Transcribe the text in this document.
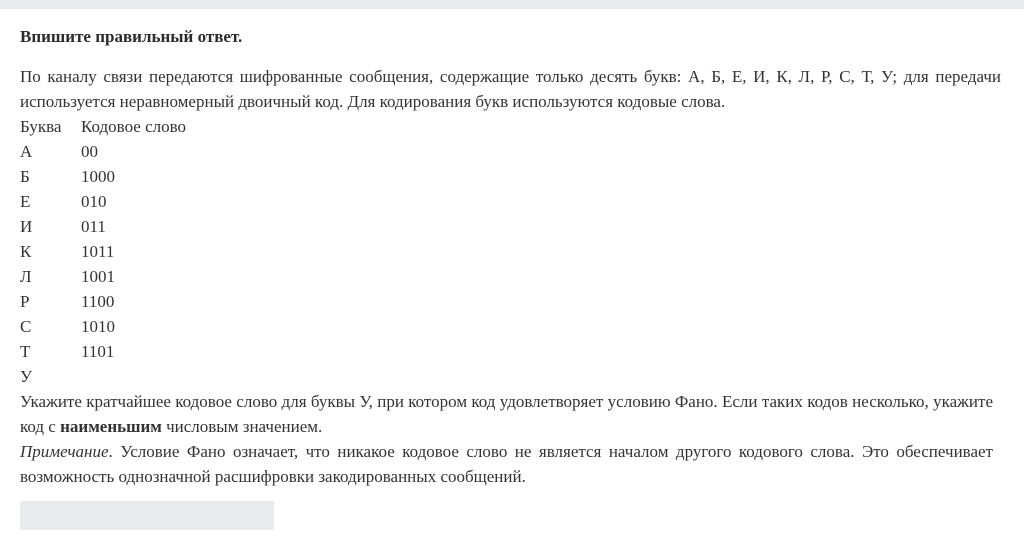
Впишите правильный ответ.

По каналу связи передаются шифрованные сообщения, содержащие только десять букв: А, Б, Е, И, К, Л, Р, С, Т, У; для передачи используется неравномерный двоичный код. Для кодирования букв используются кодовые слова.

Буква	Кодовое слово
А	00
Б	1000
Е	010
И	011
К	1011
Л	1001
Р	1100
С	1010
Т	1101
У	

Укажите кратчайшее кодовое слово для буквы У, при котором код удовлетворяет условию Фано. Если таких кодов несколько, укажите код с наименьшим числовым значением.

Примечание. Условие Фано означает, что никакое кодовое слово не является началом другого кодового слова. Это обеспечивает возможность однозначной расшифровки закодированных сообщений.
